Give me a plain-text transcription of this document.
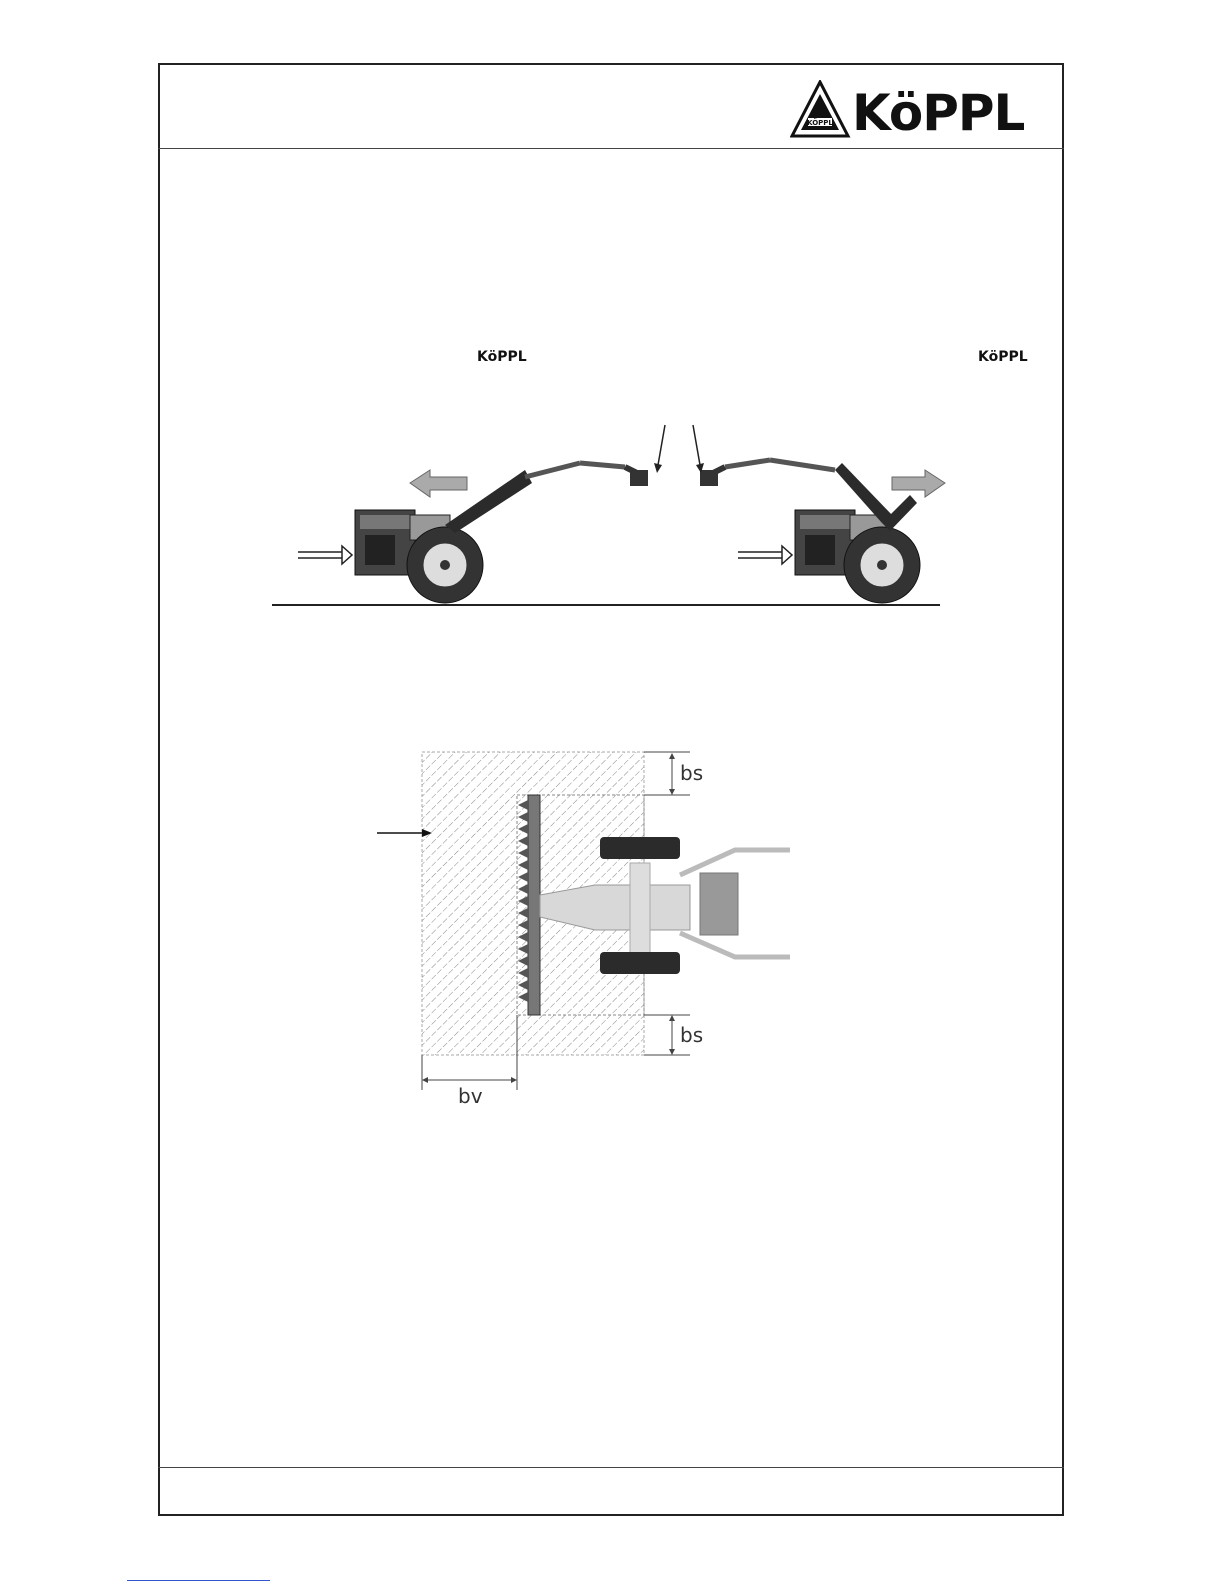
KÖPPL KöPPL
KöPPL	KöPPL
bs
bs
bv
